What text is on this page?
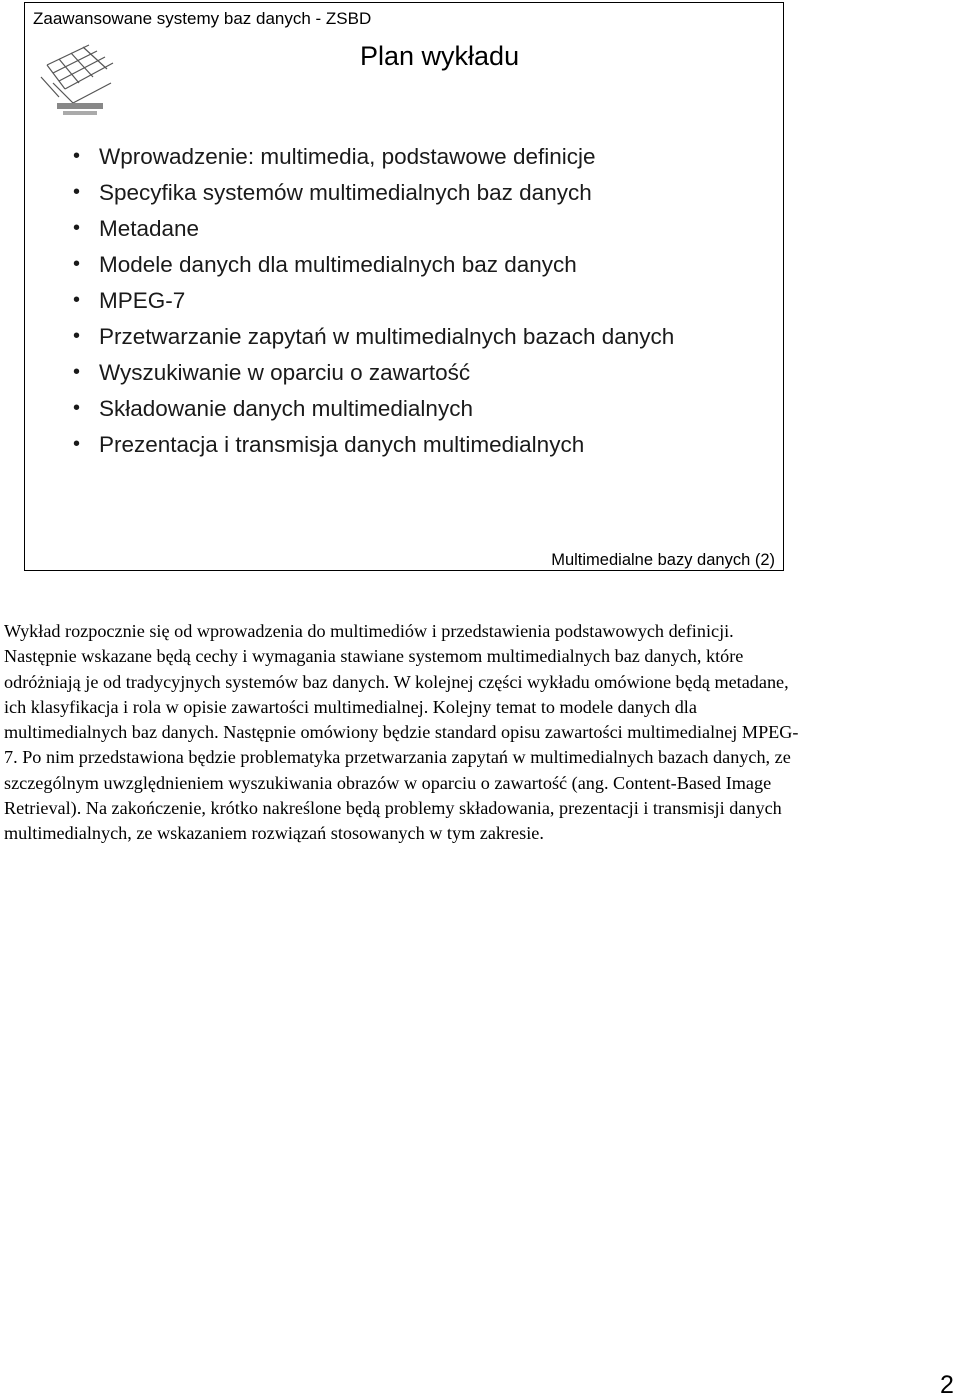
Zaawansowane systemy baz danych - ZSBD
Plan wykładu
• Wprowadzenie: multimedia, podstawowe definicje
• Specyfika systemów multimedialnych baz danych
• Metadane
• Modele danych dla multimedialnych baz danych
• MPEG-7
• Przetwarzanie zapytań w multimedialnych bazach danych
• Wyszukiwanie w oparciu o zawartość
• Składowanie danych multimedialnych
• Prezentacja i transmisja danych multimedialnych
Multimedialne bazy danych (2)

Wykład rozpocznie się od wprowadzenia do multimediów i przedstawienia podstawowych definicji. Następnie wskazane będą cechy i wymagania stawiane systemom multimedialnych baz danych, które odróżniają je od tradycyjnych systemów baz danych. W kolejnej części wykładu omówione będą metadane, ich klasyfikacja i rola w opisie zawartości multimedialnej. Kolejny temat to modele danych dla multimedialnych baz danych. Następnie omówiony będzie standard opisu zawartości multimedialnej MPEG-7. Po nim przedstawiona będzie problematyka przetwarzania zapytań w multimedialnych bazach danych, ze szczególnym uwzględnieniem wyszukiwania obrazów w oparciu o zawartość (ang. Content-Based Image Retrieval). Na zakończenie, krótko nakreślone będą problemy składowania, prezentacji i transmisji danych multimedialnych, ze wskazaniem rozwiązań stosowanych w tym zakresie.

2
